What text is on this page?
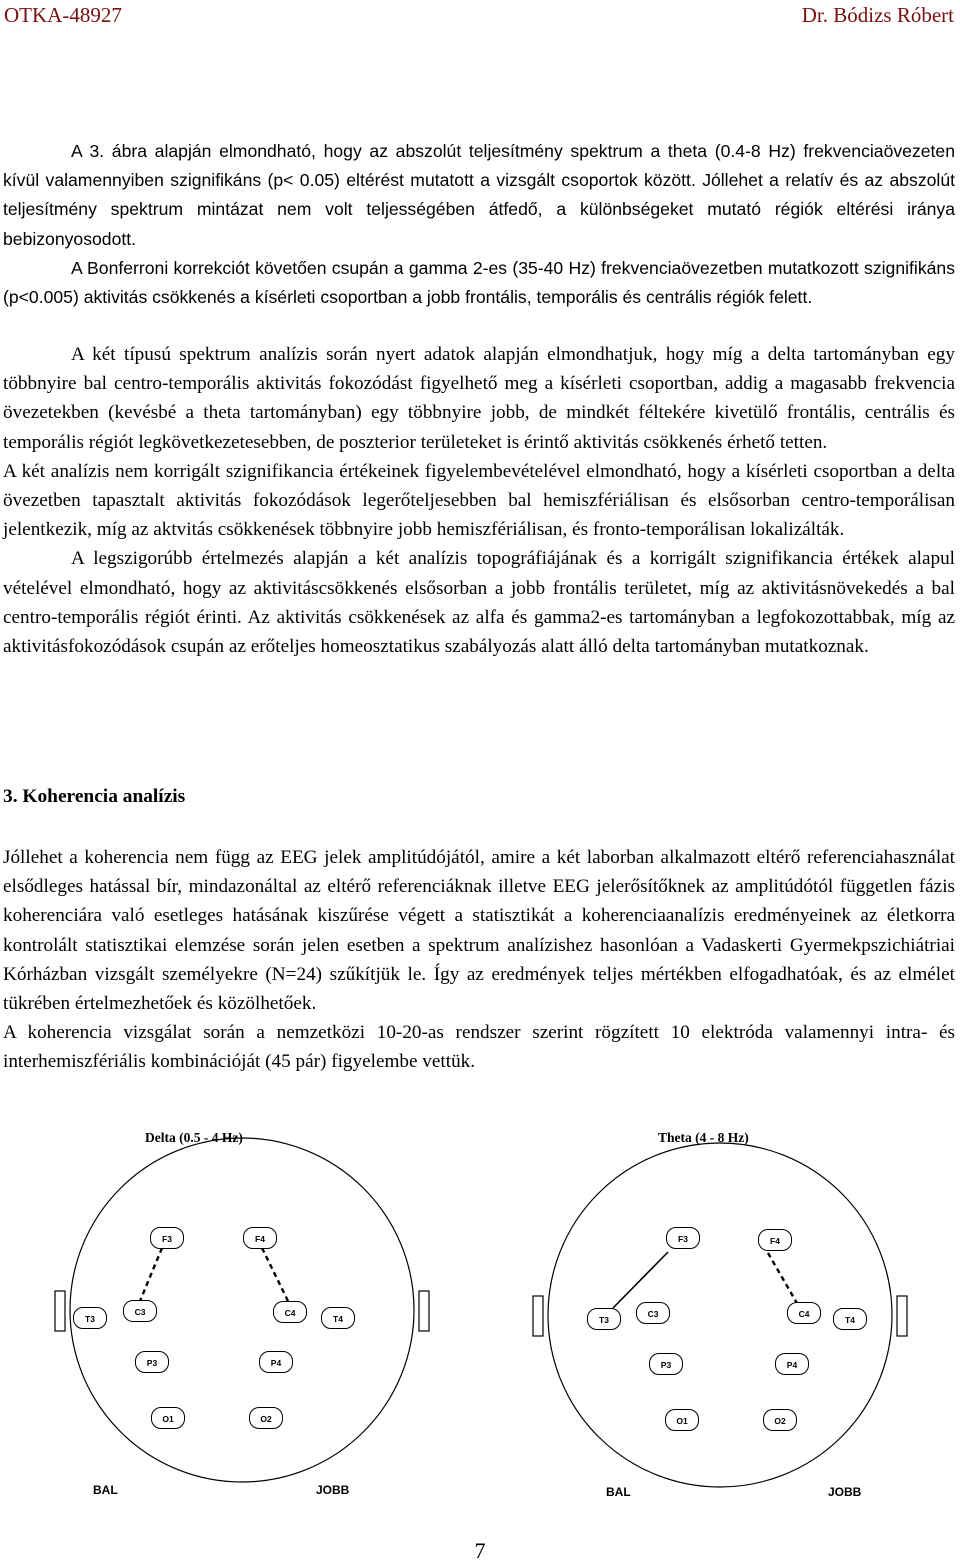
OTKA-48927	Dr. Bódizs Róbert

A 3. ábra alapján elmondható, hogy az abszolút teljesítmény spektrum a theta (0.4-8 Hz) frekvenciaövezeten kívül valamennyiben szignifikáns (p< 0.05) eltérést mutatott a vizsgált csoportok között. Jóllehet a relatív és az abszolút teljesítmény spektrum mintázat nem volt teljességében átfedő, a különbségeket mutató régiók eltérési iránya bebizonyosodott.

A Bonferroni korrekciót követően csupán a gamma 2-es (35-40 Hz) frekvenciaövezetben mutatkozott szignifikáns (p<0.005) aktivitás csökkenés a kísérleti csoportban a jobb frontális, temporális és centrális régiók felett.

A két típusú spektrum analízis során nyert adatok alapján elmondhatjuk, hogy míg a delta tartományban egy többnyire bal centro-temporális aktivitás fokozódást figyelhető meg a kísérleti csoportban, addig a magasabb frekvencia övezetekben (kevésbé a theta tartományban) egy többnyire jobb, de mindkét féltekére kivetülő frontális, centrális és temporális régiót legkövetkezetesebben, de poszterior területeket is érintő aktivitás csökkenés érhető tetten.

A két analízis nem korrigált szignifikancia értékeinek figyelembevételével elmondható, hogy a kísérleti csoportban a delta övezetben tapasztalt aktivitás fokozódások legerőteljesebben bal hemiszfériálisan és elsősorban centro-temporálisan jelentkezik, míg az aktvitás csökkenések többnyire jobb hemiszfériálisan, és fronto-temporálisan lokalizálták.

A legszigorúbb értelmezés alapján a két analízis topográfiájának és a korrigált szignifikancia értékek alapul vételével elmondható, hogy az aktivitáscsökkenés elsősorban a jobb frontális területet, míg az aktivitásnövekedés a bal centro-temporális régiót érinti. Az aktivitás csökkenések az alfa és gamma2-es tartományban a legfokozottabbak, míg az aktivitásfokozódások csupán az erőteljes homeosztatikus szabályozás alatt álló delta tartományban mutatkoznak.

3. Koherencia analízis

Jóllehet a koherencia nem függ az EEG jelek amplitúdójától, amire a két laborban alkalmazott eltérő referenciahasználat elsődleges hatással bír, mindazonáltal az eltérő referenciáknak illetve EEG jelerősítőknek az amplitúdótól független fázis koherenciára való esetleges hatásának kiszűrése végett a statisztikát a koherenciaanalízis eredményeinek az életkorra kontrolált statisztikai elemzése során jelen esetben a spektrum analízishez hasonlóan a Vadaskerti Gyermekpszichiátriai Kórházban vizsgált személyekre (N=24) szűkítjük le. Így az eredmények teljes mértékben elfogadhatóak, és az elmélet tükrében értelmezhetőek és közölhetőek.

A koherencia vizsgálat során a nemzetközi 10-20-as rendszer szerint rögzített 10 elektróda valamennyi intra- és interhemiszfériális kombinációját (45 pár) figyelembe vettük.

Delta (0.5 - 4 Hz)
F3	F4
T3
C3	C4
T4
P3	P4
O1	O2
BAL	JOBB
Theta (4 - 8 Hz)
F3	F4
T3
C3	C4
T4
P3	P4
O1	O2
BAL	JOBB
7
